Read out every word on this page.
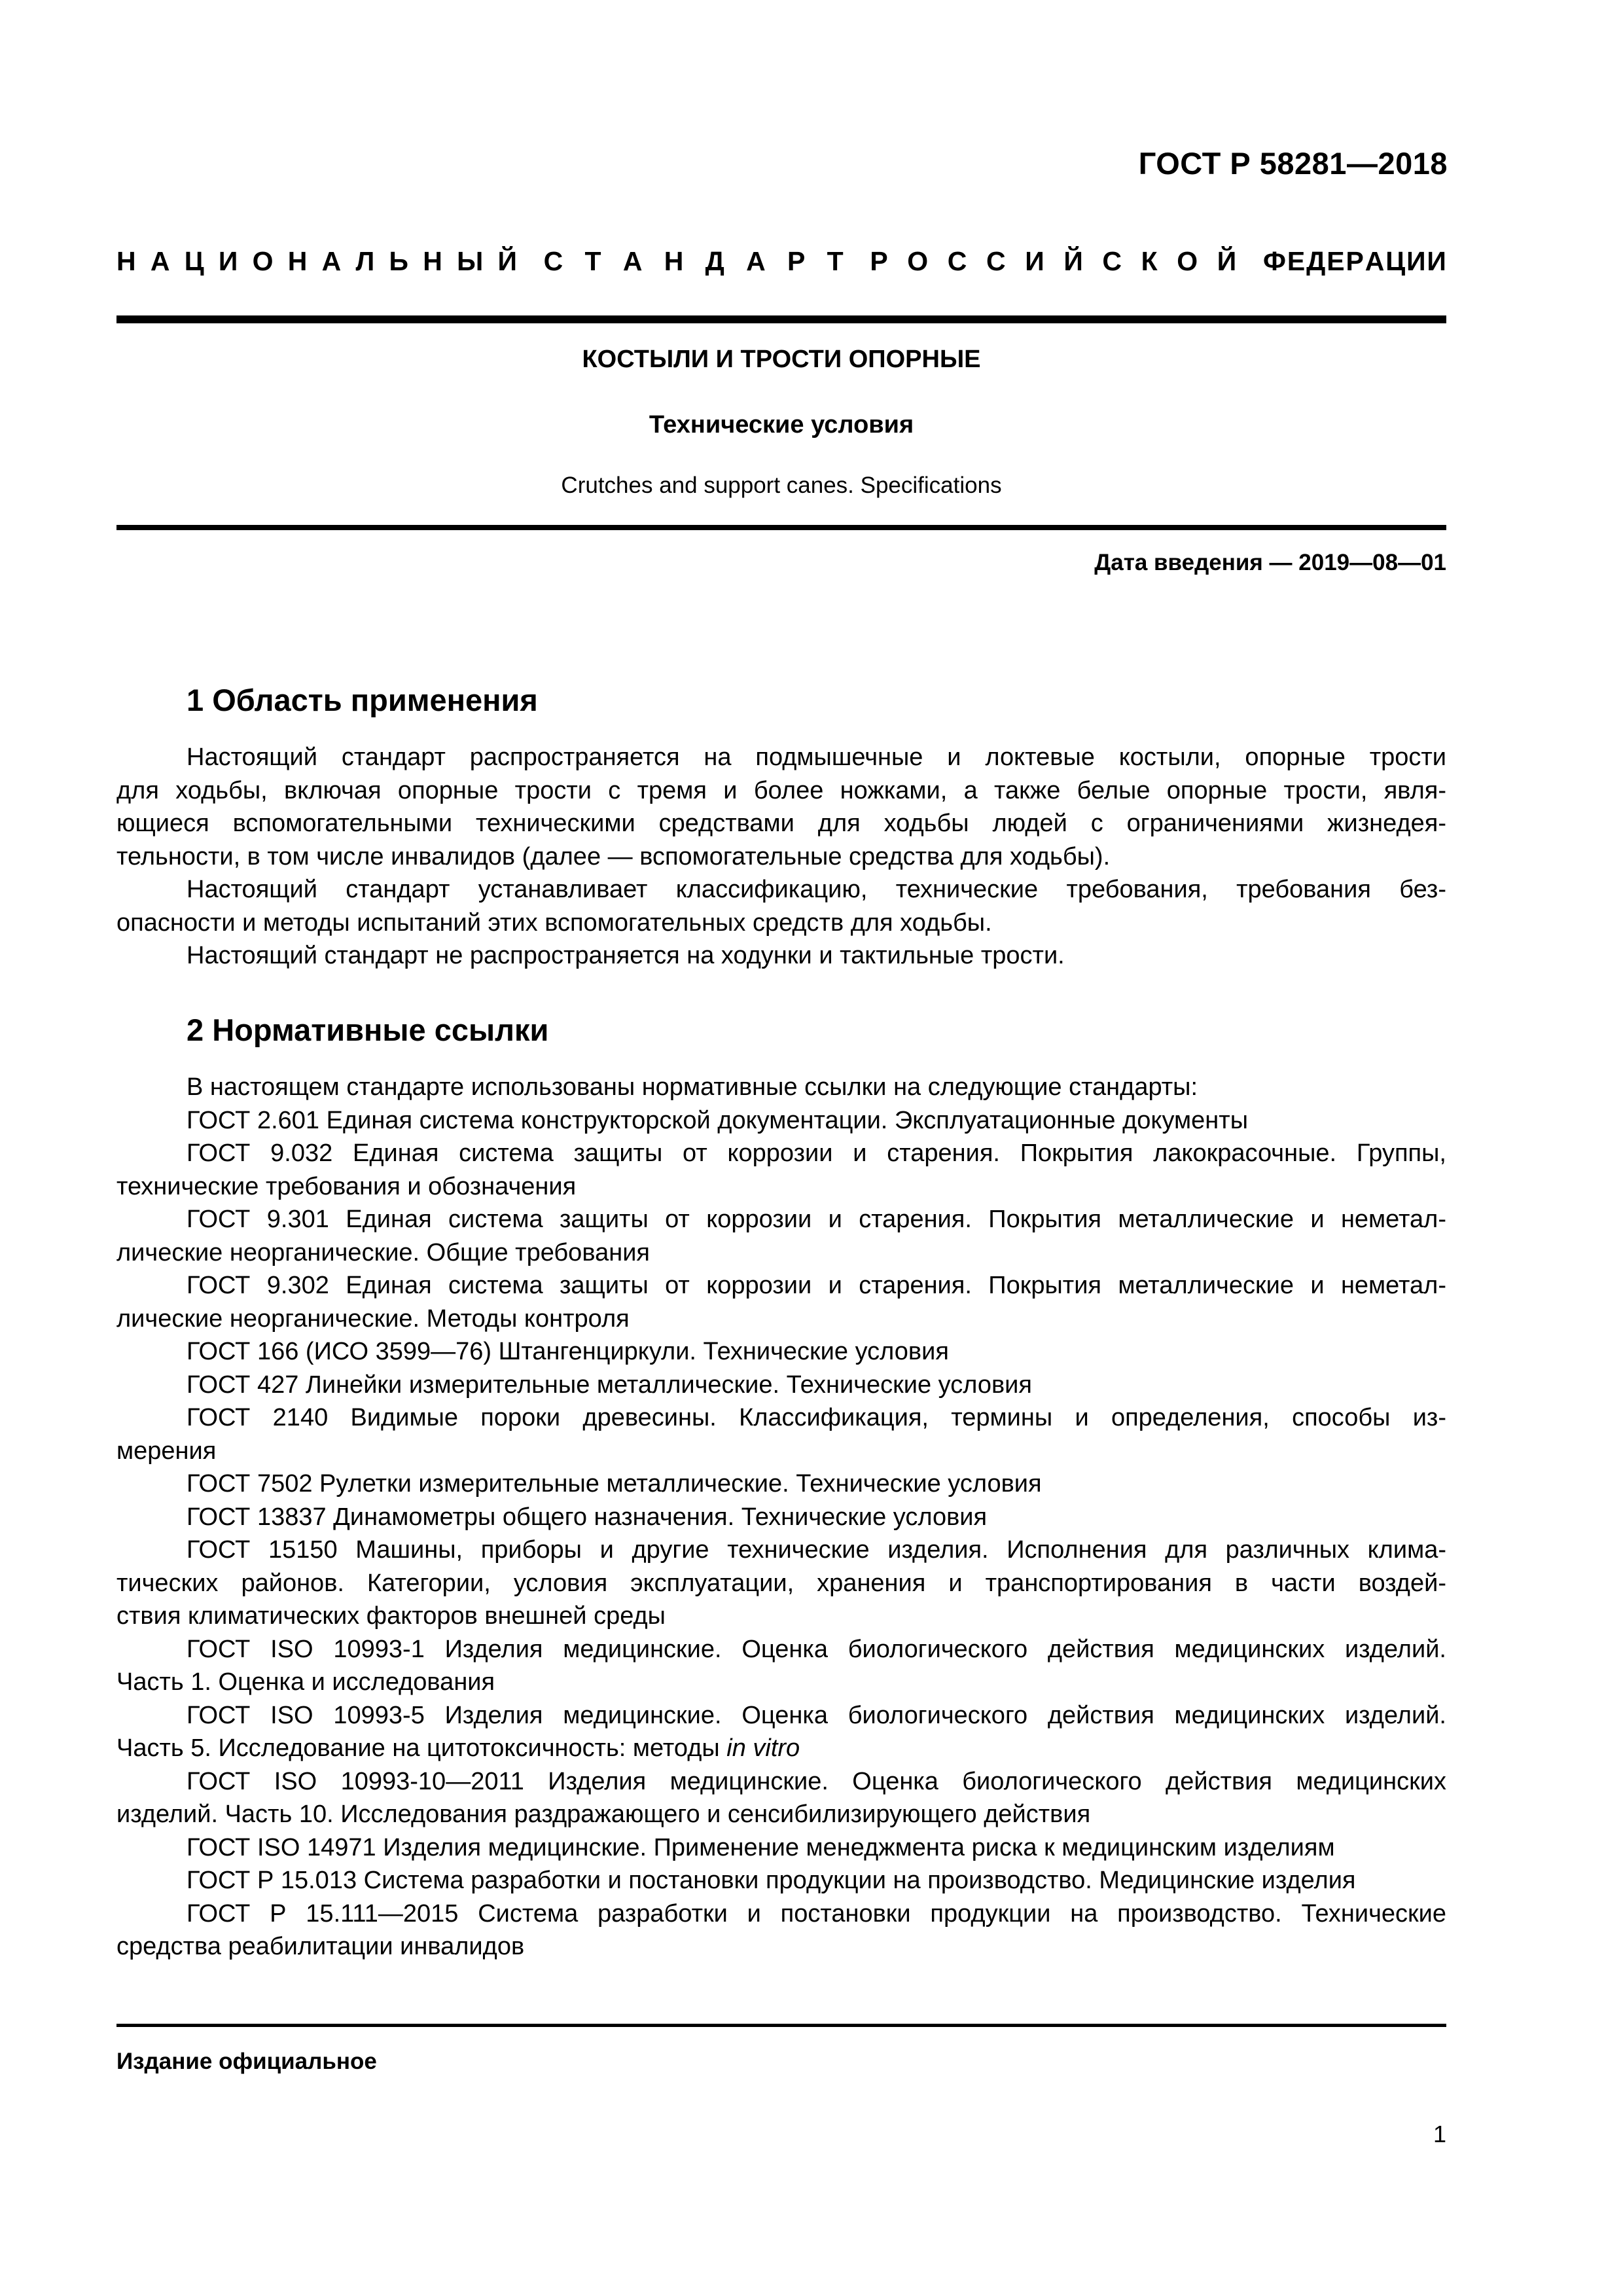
ГОСТ Р 58281—2018
Н А Ц И О Н А Л Ь Н Ы Й С Т А Н Д А Р Т Р О С С И Й С К О Й Ф Е Д Е Р А Ц И И
КОСТЫЛИ И ТРОСТИ ОПОРНЫЕ
Технические условия
Crutches and support canes. Specifications
Дата введения — 2019—08—01
1 Область применения
Настоящий стандарт распространяется на подмышечные и локтевые костыли, опорные трости
для ходьбы, включая опорные трости с тремя и более ножками, а также белые опорные трости, явля-
ющиеся вспомогательными техническими средствами для ходьбы людей с ограничениями жизнедея-
тельности, в том числе инвалидов (далее — вспомогательные средства для ходьбы).
Настоящий стандарт устанавливает классификацию, технические требования, требования без-
опасности и методы испытаний этих вспомогательных средств для ходьбы.
Настоящий стандарт не распространяется на ходунки и тактильные трости.
2 Нормативные ссылки
В настоящем стандарте использованы нормативные ссылки на следующие стандарты:
ГОСТ 2.601 Единая система конструкторской документации. Эксплуатационные документы
ГОСТ 9.032 Единая система защиты от коррозии и старения. Покрытия лакокрасочные. Группы,
технические требования и обозначения
ГОСТ 9.301 Единая система защиты от коррозии и старения. Покрытия металлические и неметал-
лические неорганические. Общие требования
ГОСТ 9.302 Единая система защиты от коррозии и старения. Покрытия металлические и неметал-
лические неорганические. Методы контроля
ГОСТ 166 (ИСО 3599—76) Штангенциркули. Технические условия
ГОСТ 427 Линейки измерительные металлические. Технические условия
ГОСТ 2140 Видимые пороки древесины. Классификация, термины и определения, способы из-
мерения
ГОСТ 7502 Рулетки измерительные металлические. Технические условия
ГОСТ 13837 Динамометры общего назначения. Технические условия
ГОСТ 15150 Машины, приборы и другие технические изделия. Исполнения для различных клима-
тических районов. Категории, условия эксплуатации, хранения и транспортирования в части воздей-
ствия климатических факторов внешней среды
ГОСТ ISO 10993-1 Изделия медицинские. Оценка биологического действия медицинских изделий.
Часть 1. Оценка и исследования
ГОСТ ISO 10993-5 Изделия медицинские. Оценка биологического действия медицинских изделий.
Часть 5. Исследование на цитотоксичность: методы in vitro
ГОСТ ISO 10993-10—2011 Изделия медицинские. Оценка биологического действия медицинских
изделий. Часть 10. Исследования раздражающего и сенсибилизирующего действия
ГОСТ ISO 14971 Изделия медицинские. Применение менеджмента риска к медицинским изделиям
ГОСТ Р 15.013 Система разработки и постановки продукции на производство. Медицинские изделия
ГОСТ Р 15.111—2015 Система разработки и постановки продукции на производство. Технические
средства реабилитации инвалидов
Издание официальное
1
